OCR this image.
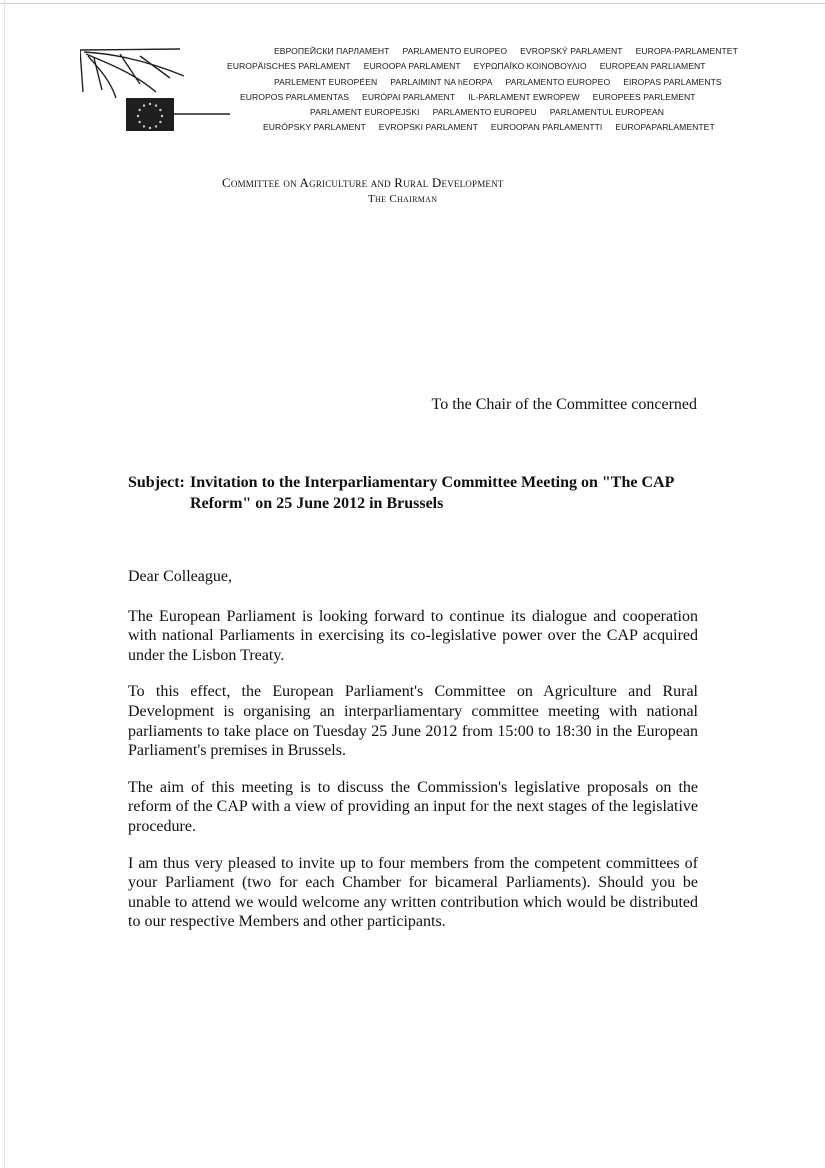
ЕВРОПЕЙСКИ ПАРЛАМЕНТ PARLAMENTO EUROPEO EVROPSKÝ PARLAMENT EUROPA-PARLAMENTET
EUROPÄISCHES PARLAMENT EUROOPA PARLAMENT ΕΥΡΩΠΑΪΚΟ ΚΟΙΝΟΒΟΥΛΙΟ EUROPEAN PARLIAMENT
PARLEMENT EUROPÉEN PARLAIMINT NA hEORPA PARLAMENTO EUROPEO EIROPAS PARLAMENTS
EUROPOS PARLAMENTAS EURÓPAI PARLAMENT IL-PARLAMENT EWROPEW EUROPEES PARLEMENT
PARLAMENT EUROPEJSKI PARLAMENTO EUROPEU PARLAMENTUL EUROPEAN
EURÓPSKY PARLAMENT EVROPSKI PARLAMENT EUROOPAN PARLAMENTTI EUROPAPARLAMENTET
Committee on Agriculture and Rural Development
The Chairman
To the Chair of the Committee concerned
Subject: Invitation to the Interparliamentary Committee Meeting on "The CAP Reform" on 25 June 2012 in Brussels

Dear Colleague,

The European Parliament is looking forward to continue its dialogue and cooperation with national Parliaments in exercising its co-legislative power over the CAP acquired under the Lisbon Treaty.

To this effect, the European Parliament's Committee on Agriculture and Rural Development is organising an interparliamentary committee meeting with national parliaments to take place on Tuesday 25 June 2012 from 15:00 to 18:30 in the European Parliament's premises in Brussels.

The aim of this meeting is to discuss the Commission's legislative proposals on the reform of the CAP with a view of providing an input for the next stages of the legislative procedure.

I am thus very pleased to invite up to four members from the competent committees of your Parliament (two for each Chamber for bicameral Parliaments). Should you be unable to attend we would welcome any written contribution which would be distributed to our respective Members and other participants.
